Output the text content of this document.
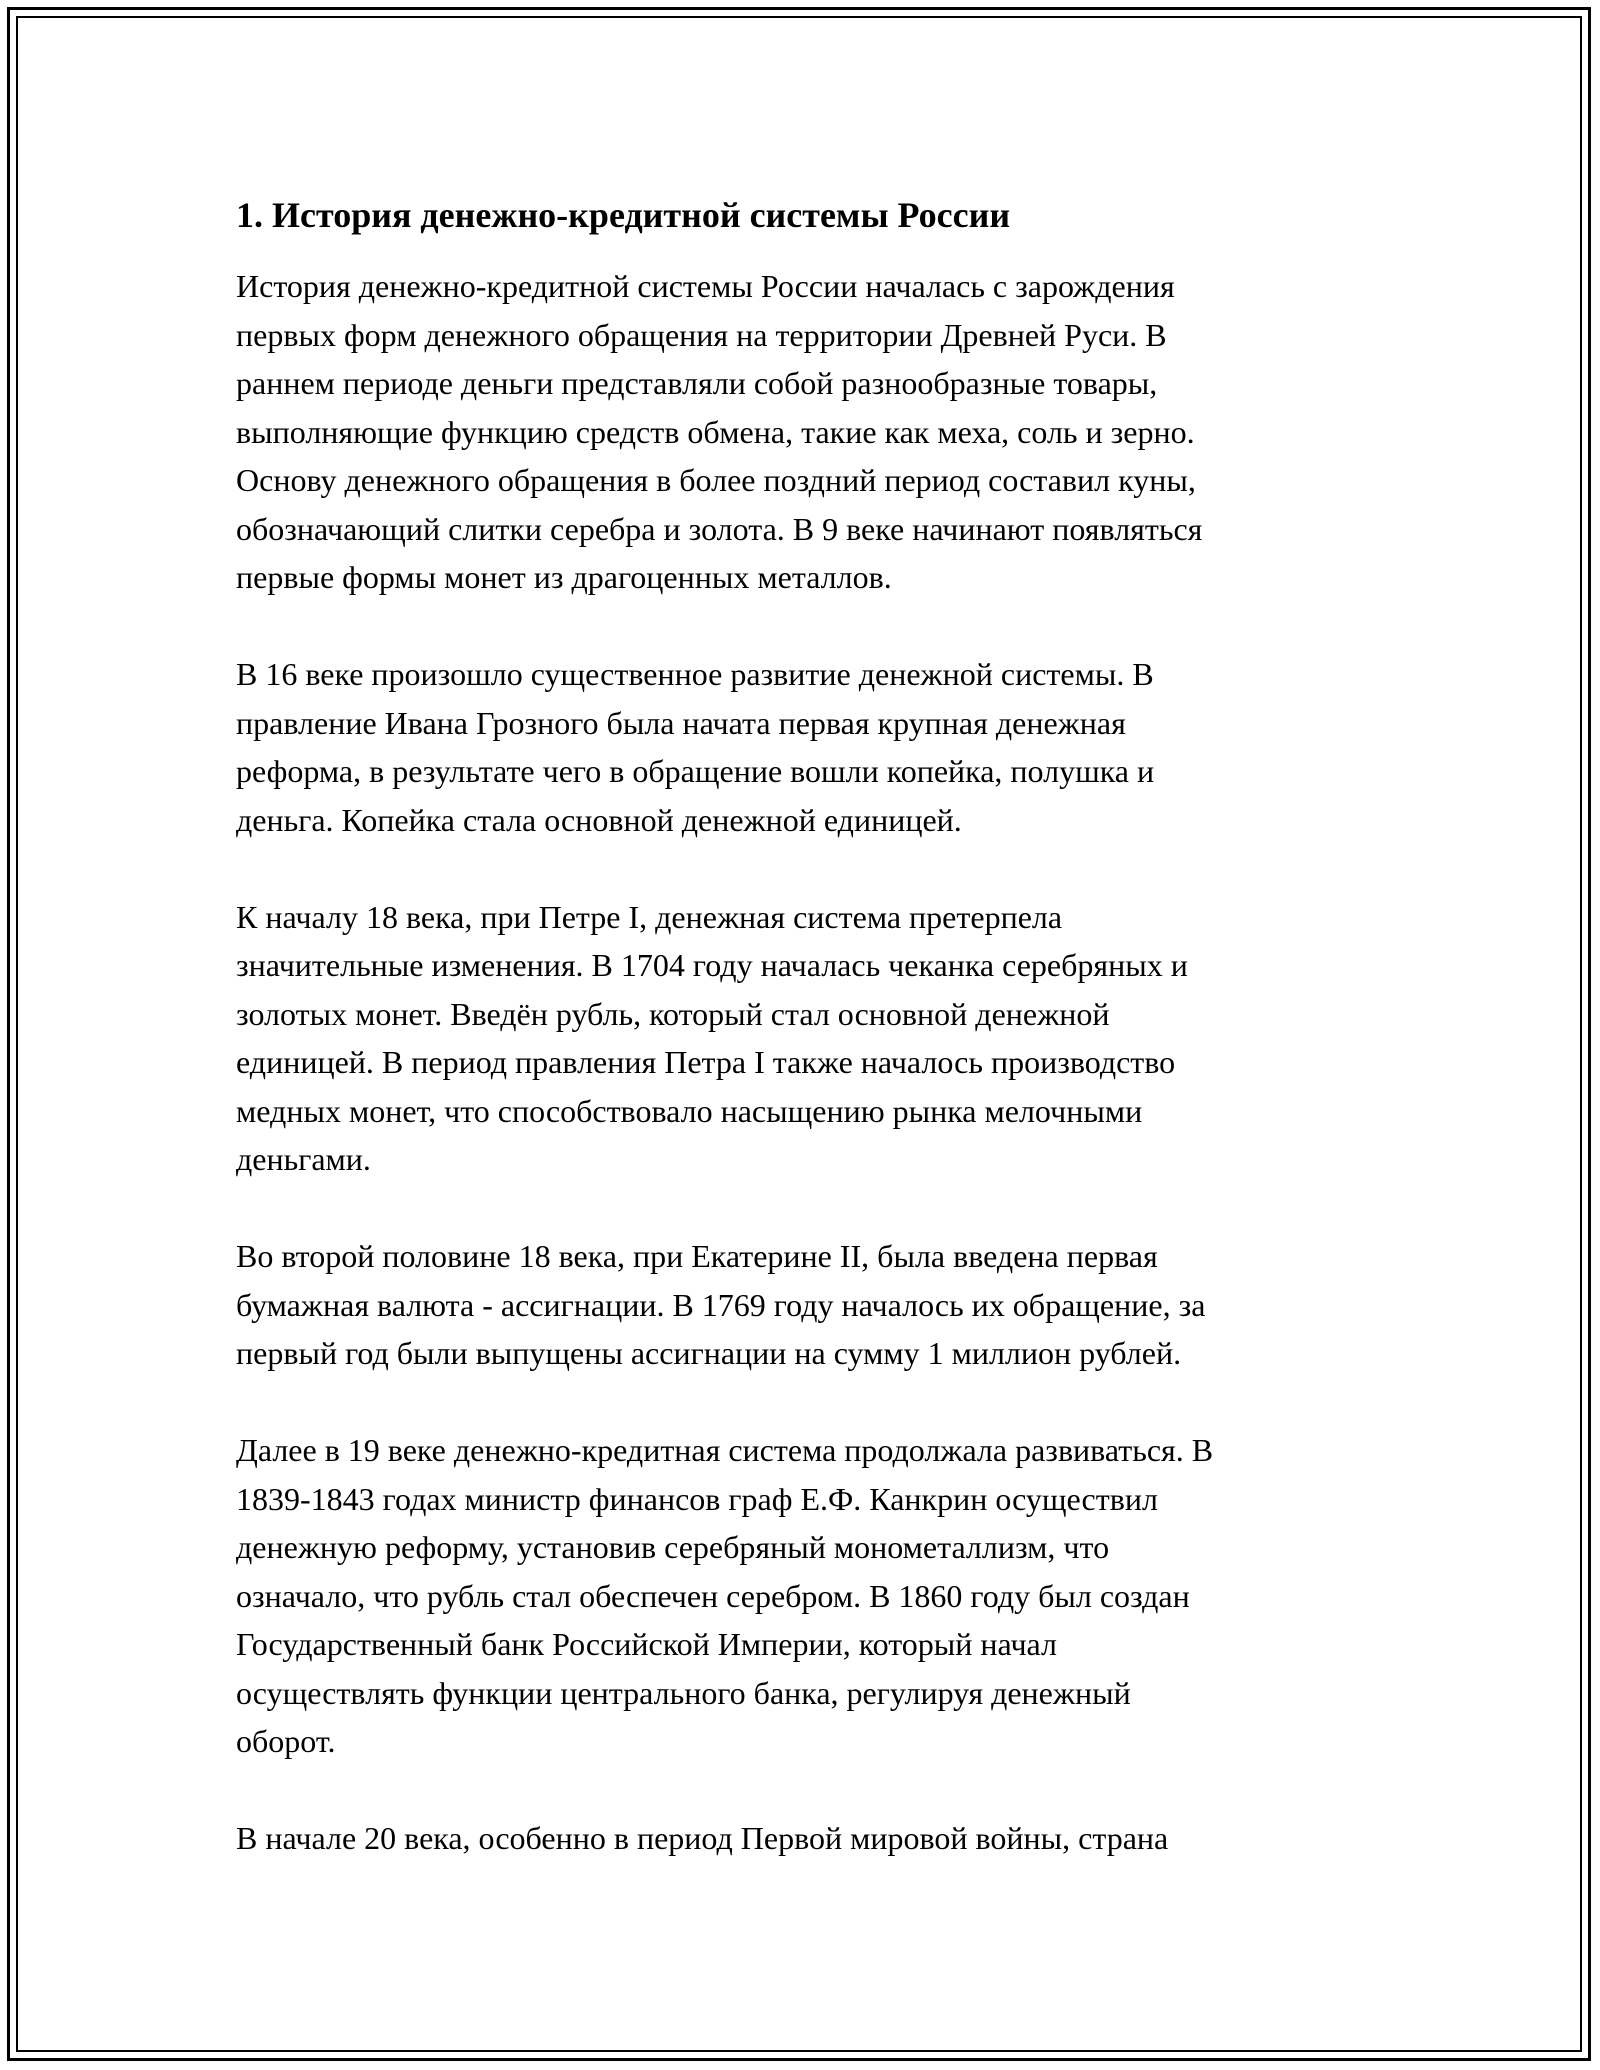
1. История денежно-кредитной системы России

История денежно-кредитной системы России началась с зарождения
первых форм денежного обращения на территории Древней Руси. В
раннем периоде деньги представляли собой разнообразные товары,
выполняющие функцию средств обмена, такие как меха, соль и зерно.
Основу денежного обращения в более поздний период составил куны,
обозначающий слитки серебра и золота. В 9 веке начинают появляться
первые формы монет из драгоценных металлов.

В 16 веке произошло существенное развитие денежной системы. В
правление Ивана Грозного была начата первая крупная денежная
реформа, в результате чего в обращение вошли копейка, полушка и
деньга. Копейка стала основной денежной единицей.

К началу 18 века, при Петре I, денежная система претерпела
значительные изменения. В 1704 году началась чеканка серебряных и
золотых монет. Введён рубль, который стал основной денежной
единицей. В период правления Петра I также началось производство
медных монет, что способствовало насыщению рынка мелочными
деньгами.

Во второй половине 18 века, при Екатерине II, была введена первая
бумажная валюта - ассигнации. В 1769 году началось их обращение, за
первый год были выпущены ассигнации на сумму 1 миллион рублей.

Далее в 19 веке денежно-кредитная система продолжала развиваться. В
1839-1843 годах министр финансов граф Е.Ф. Канкрин осуществил
денежную реформу, установив серебряный монометаллизм, что
означало, что рубль стал обеспечен серебром. В 1860 году был создан
Государственный банк Российской Империи, который начал
осуществлять функции центрального банка, регулируя денежный
оборот.

В начале 20 века, особенно в период Первой мировой войны, страна
